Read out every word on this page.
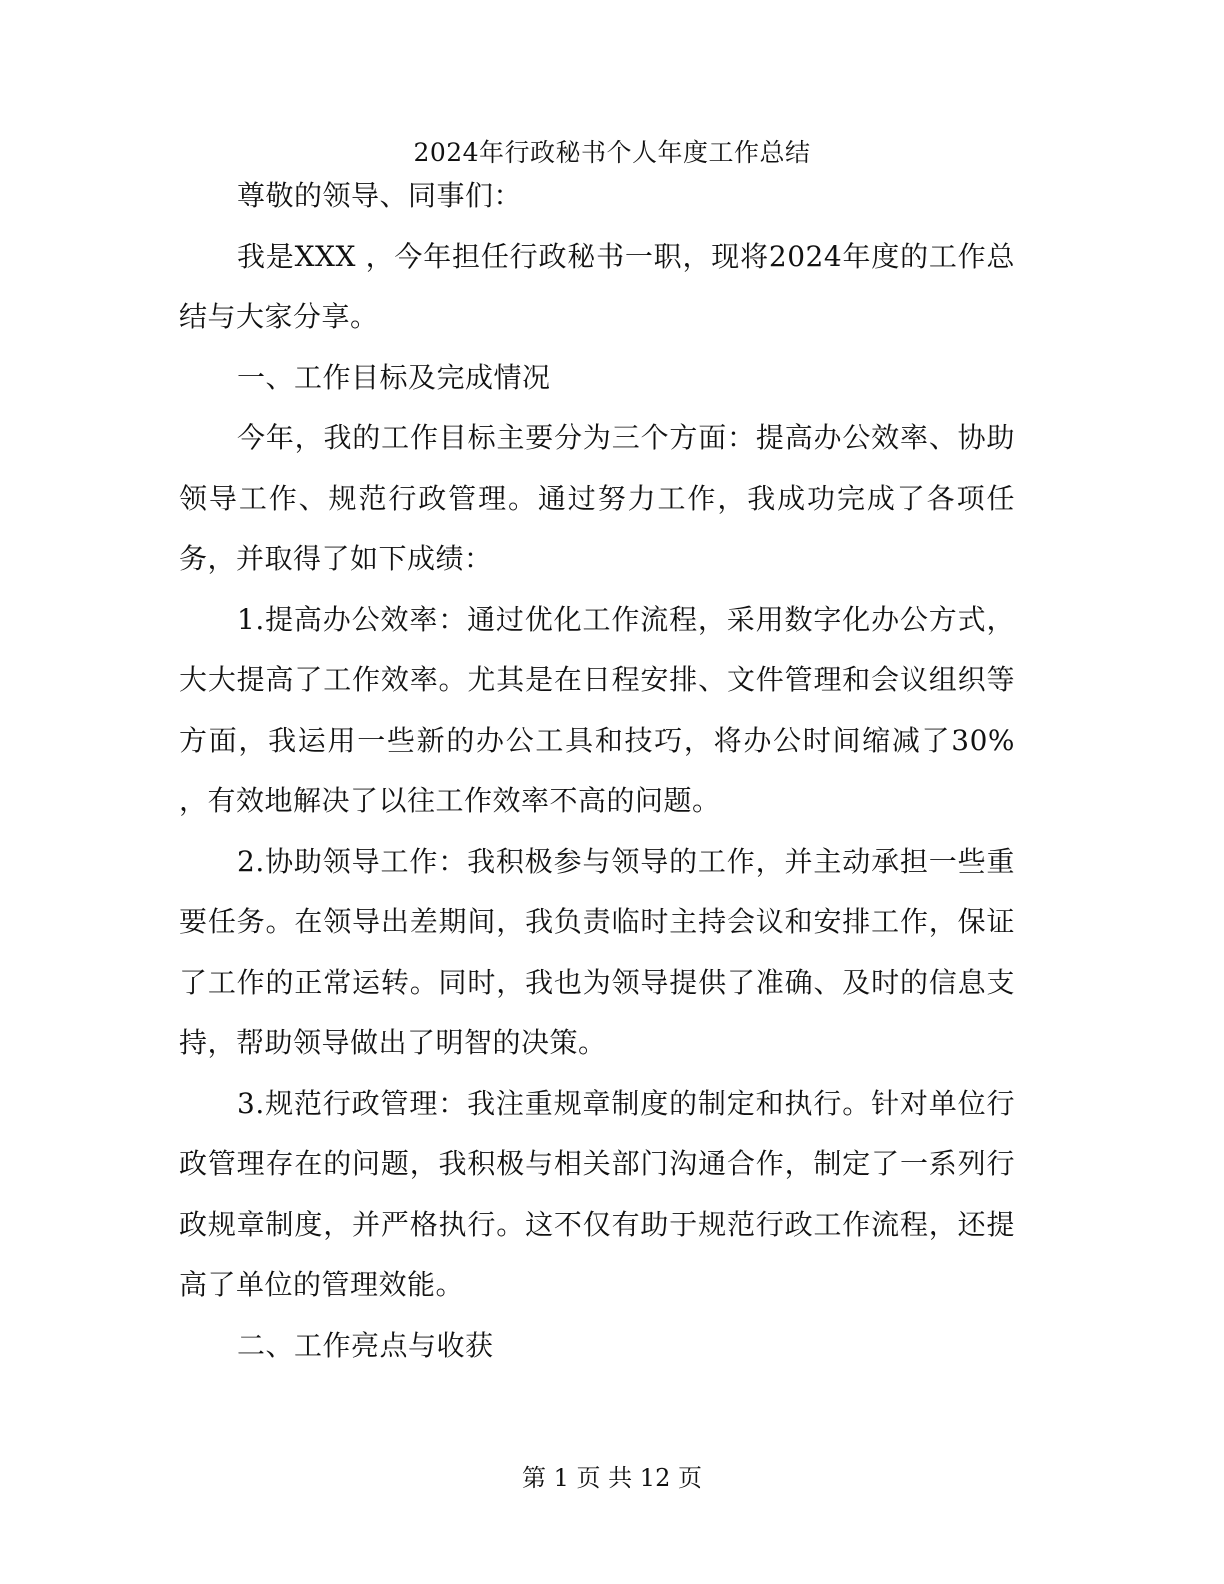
2024年行政秘书个人年度工作总结

尊敬的领导、同事们：

我是XXX ，今年担任行政秘书一职，现将2024年度的工作总结与大家分享。

一、工作目标及完成情况

今年，我的工作目标主要分为三个方面：提高办公效率、协助领导工作、规范行政管理。通过努力工作，我成功完成了各项任务，并取得了如下成绩：

1.提高办公效率：通过优化工作流程，采用数字化办公方式，大大提高了工作效率。尤其是在日程安排、文件管理和会议组织等方面，我运用一些新的办公工具和技巧，将办公时间缩减了30% ，有效地解决了以往工作效率不高的问题。

2.协助领导工作：我积极参与领导的工作，并主动承担一些重要任务。在领导出差期间，我负责临时主持会议和安排工作，保证了工作的正常运转。同时，我也为领导提供了准确、及时的信息支持，帮助领导做出了明智的决策。

3.规范行政管理：我注重规章制度的制定和执行。针对单位行政管理存在的问题，我积极与相关部门沟通合作，制定了一系列行政规章制度，并严格执行。这不仅有助于规范行政工作流程，还提高了单位的管理效能。

二、工作亮点与收获

第 1 页 共 12 页
